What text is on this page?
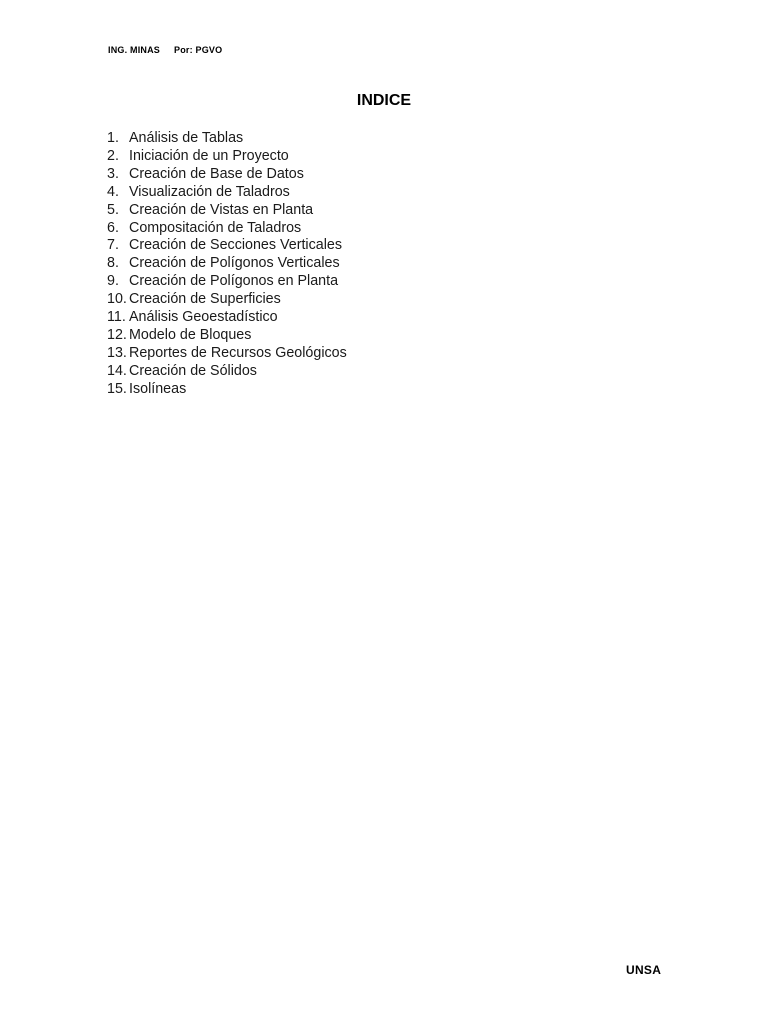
ING. MINAS Por: PGVO
INDICE
1. Análisis de Tablas
2. Iniciación de un Proyecto
3. Creación de Base de Datos
4. Visualización de Taladros
5. Creación de Vistas en Planta
6. Compositación de Taladros
7. Creación de Secciones Verticales
8. Creación de Polígonos Verticales
9. Creación de Polígonos en Planta
10. Creación de Superficies
11. Análisis Geoestadístico
12. Modelo de Bloques
13. Reportes de Recursos Geológicos
14. Creación de Sólidos
15. Isolíneas
UNSA
